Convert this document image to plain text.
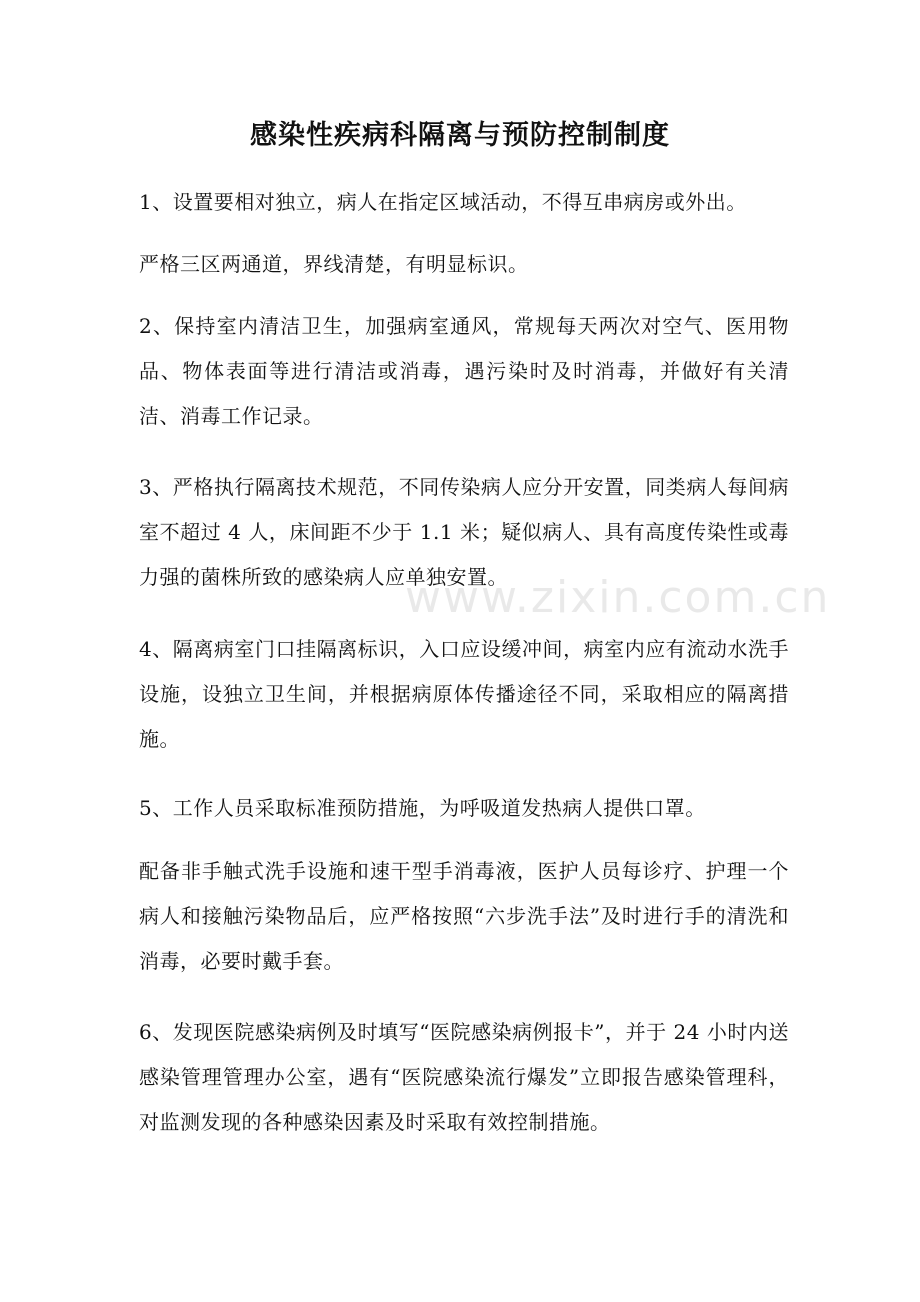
感染性疾病科隔离与预防控制制度
www.zixin.com.cn

1、设置要相对独立，病人在指定区域活动，不得互串病房或外出。

严格三区两通道，界线清楚，有明显标识。

2、保持室内清洁卫生，加强病室通风，常规每天两次对空气、医用物品、物体表面等进行清洁或消毒，遇污染时及时消毒，并做好有关清洁、消毒工作记录。

3、严格执行隔离技术规范，不同传染病人应分开安置，同类病人每间病室不超过 4 人，床间距不少于 1.1 米；疑似病人、具有高度传染性或毒力强的菌株所致的感染病人应单独安置。

4、隔离病室门口挂隔离标识，入口应设缓冲间，病室内应有流动水洗手设施，设独立卫生间，并根据病原体传播途径不同，采取相应的隔离措施。

5、工作人员采取标准预防措施，为呼吸道发热病人提供口罩。

配备非手触式洗手设施和速干型手消毒液，医护人员每诊疗、护理一个病人和接触污染物品后，应严格按照“六步洗手法”及时进行手的清洗和消毒，必要时戴手套。

6、发现医院感染病例及时填写“医院感染病例报卡”，并于 24 小时内送感染管理管理办公室，遇有“医院感染流行爆发”立即报告感染管理科，对监测发现的各种感染因素及时采取有效控制措施。
